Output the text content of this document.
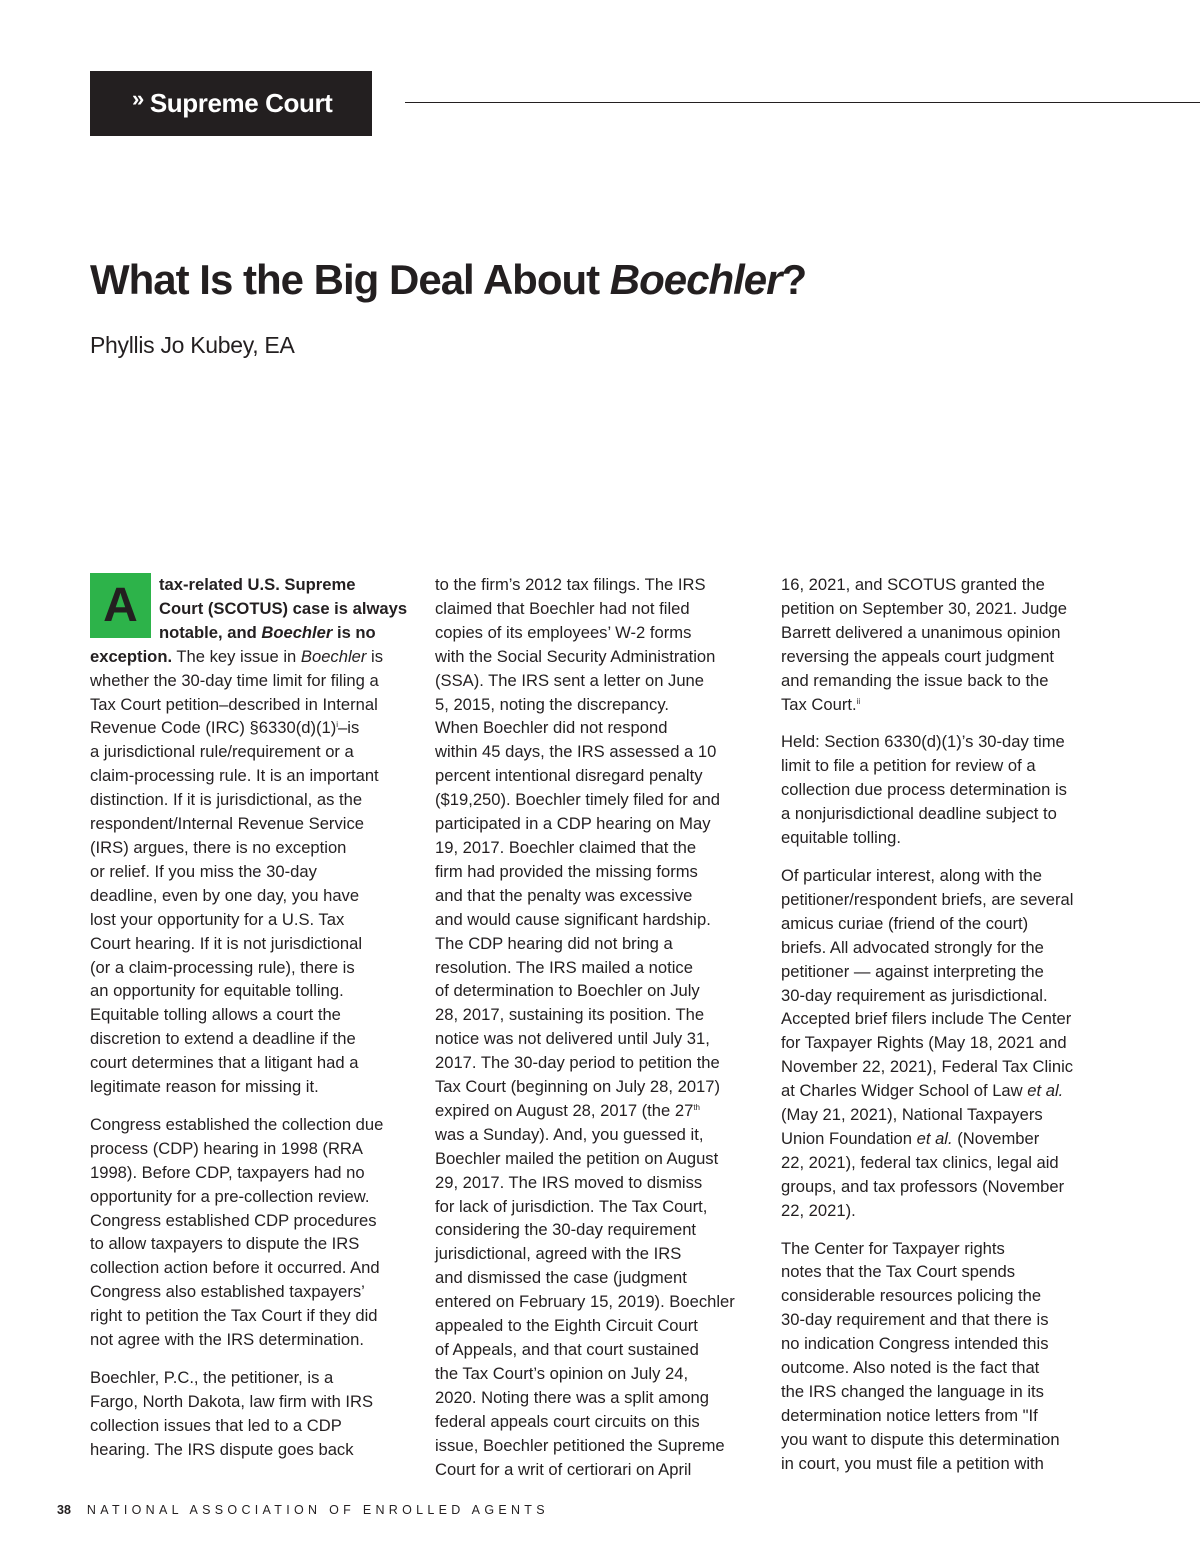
» Supreme Court
What Is the Big Deal About Boechler?

Phyllis Jo Kubey, EA

A	tax-related U.S. Supreme
Court (SCOTUS) case is always
notable, and Boechler is no
exception. The key issue in Boechler is
whether the 30-day time limit for filing a
Tax Court petition–described in Internal
Revenue Code (IRC) $\S 6330(d)(1)^i-is$
a jurisdictional rule/requirement or a
claim-processing rule. It is an important
distinction. If it is jurisdictional, as the
respondent/Internal Revenue Service
(IRS) argues, there is no exception
or relief. If you miss the 30-day
deadline, even by one day, you have
lost your opportunity for a U.S. Tax
Court hearing. If it is not jurisdictional
(or a claim-processing rule), there is
an opportunity for equitable tolling.
Equitable tolling allows a court the
discretion to extend a deadline if the
court determines that a litigant had a
legitimate reason for missing it.

Congress established the collection due
process (CDP) hearing in 1998 (RRA
1998). Before CDP, taxpayers had no
opportunity for a pre-collection review.
Congress established CDP procedures
to allow taxpayers to dispute the IRS
collection action before it occurred. And
Congress also established taxpayers’
right to petition the Tax Court if they did
not agree with the IRS determination.

Boechler, P.C., the petitioner, is a
Fargo, North Dakota, law firm with IRS
collection issues that led to a CDP
hearing. The IRS dispute goes back

to the firm’s 2012 tax filings. The IRS
claimed that Boechler had not filed
copies of its employees’ W-2 forms
with the Social Security Administration
(SSA). The IRS sent a letter on June
5, 2015, noting the discrepancy.
When Boechler did not respond
within 45 days, the IRS assessed a 10
percent intentional disregard penalty
($19,250). Boechler timely filed for and
participated in a CDP hearing on May
19, 2017. Boechler claimed that the
firm had provided the missing forms
and that the penalty was excessive
and would cause significant hardship.
The CDP hearing did not bring a
resolution. The IRS mailed a notice
of determination to Boechler on July
28, 2017, sustaining its position. The
notice was not delivered until July 31,
2017. The 30-day period to petition the
Tax Court (beginning on July 28, 2017)
expired on August 28, 2017 (the 27th
was a Sunday). And, you guessed it,
Boechler mailed the petition on August
29, 2017. The IRS moved to dismiss
for lack of jurisdiction. The Tax Court,
considering the 30-day requirement
jurisdictional, agreed with the IRS
and dismissed the case (judgment
entered on February 15, 2019). Boechler
appealed to the Eighth Circuit Court
of Appeals, and that court sustained
the Tax Court’s opinion on July 24,
2020. Noting there was a split among
federal appeals court circuits on this
issue, Boechler petitioned the Supreme
Court for a writ of certiorari on April

16, 2021, and SCOTUS granted the
petition on September 30, 2021. Judge
Barrett delivered a unanimous opinion
reversing the appeals court judgment
and remanding the issue back to the
Tax Court.$^{ii}$

Held: Section 6330(d)(1)’s 30-day time
limit to file a petition for review of a
collection due process determination is
a nonjurisdictional deadline subject to
equitable tolling.

Of particular interest, along with the
petitioner/respondent briefs, are several
amicus curiae (friend of the court)
briefs. All advocated strongly for the
petitioner — against interpreting the
30-day requirement as jurisdictional.
Accepted brief filers include The Center
for Taxpayer Rights (May 18, 2021 and
November 22, 2021), Federal Tax Clinic
at Charles Widger School of Law et al.
(May 21, 2021), National Taxpayers
Union Foundation et al. (November
22, 2021), federal tax clinics, legal aid
groups, and tax professors (November
22, 2021).

The Center for Taxpayer rights
notes that the Tax Court spends
considerable resources policing the
30-day requirement and that there is
no indication Congress intended this
outcome. Also noted is the fact that
the IRS changed the language in its
determination notice letters from "If
you want to dispute this determination
in court, you must file a petition with

38 NATIONAL ASSOCIATION OF ENROLLED AGENTS
